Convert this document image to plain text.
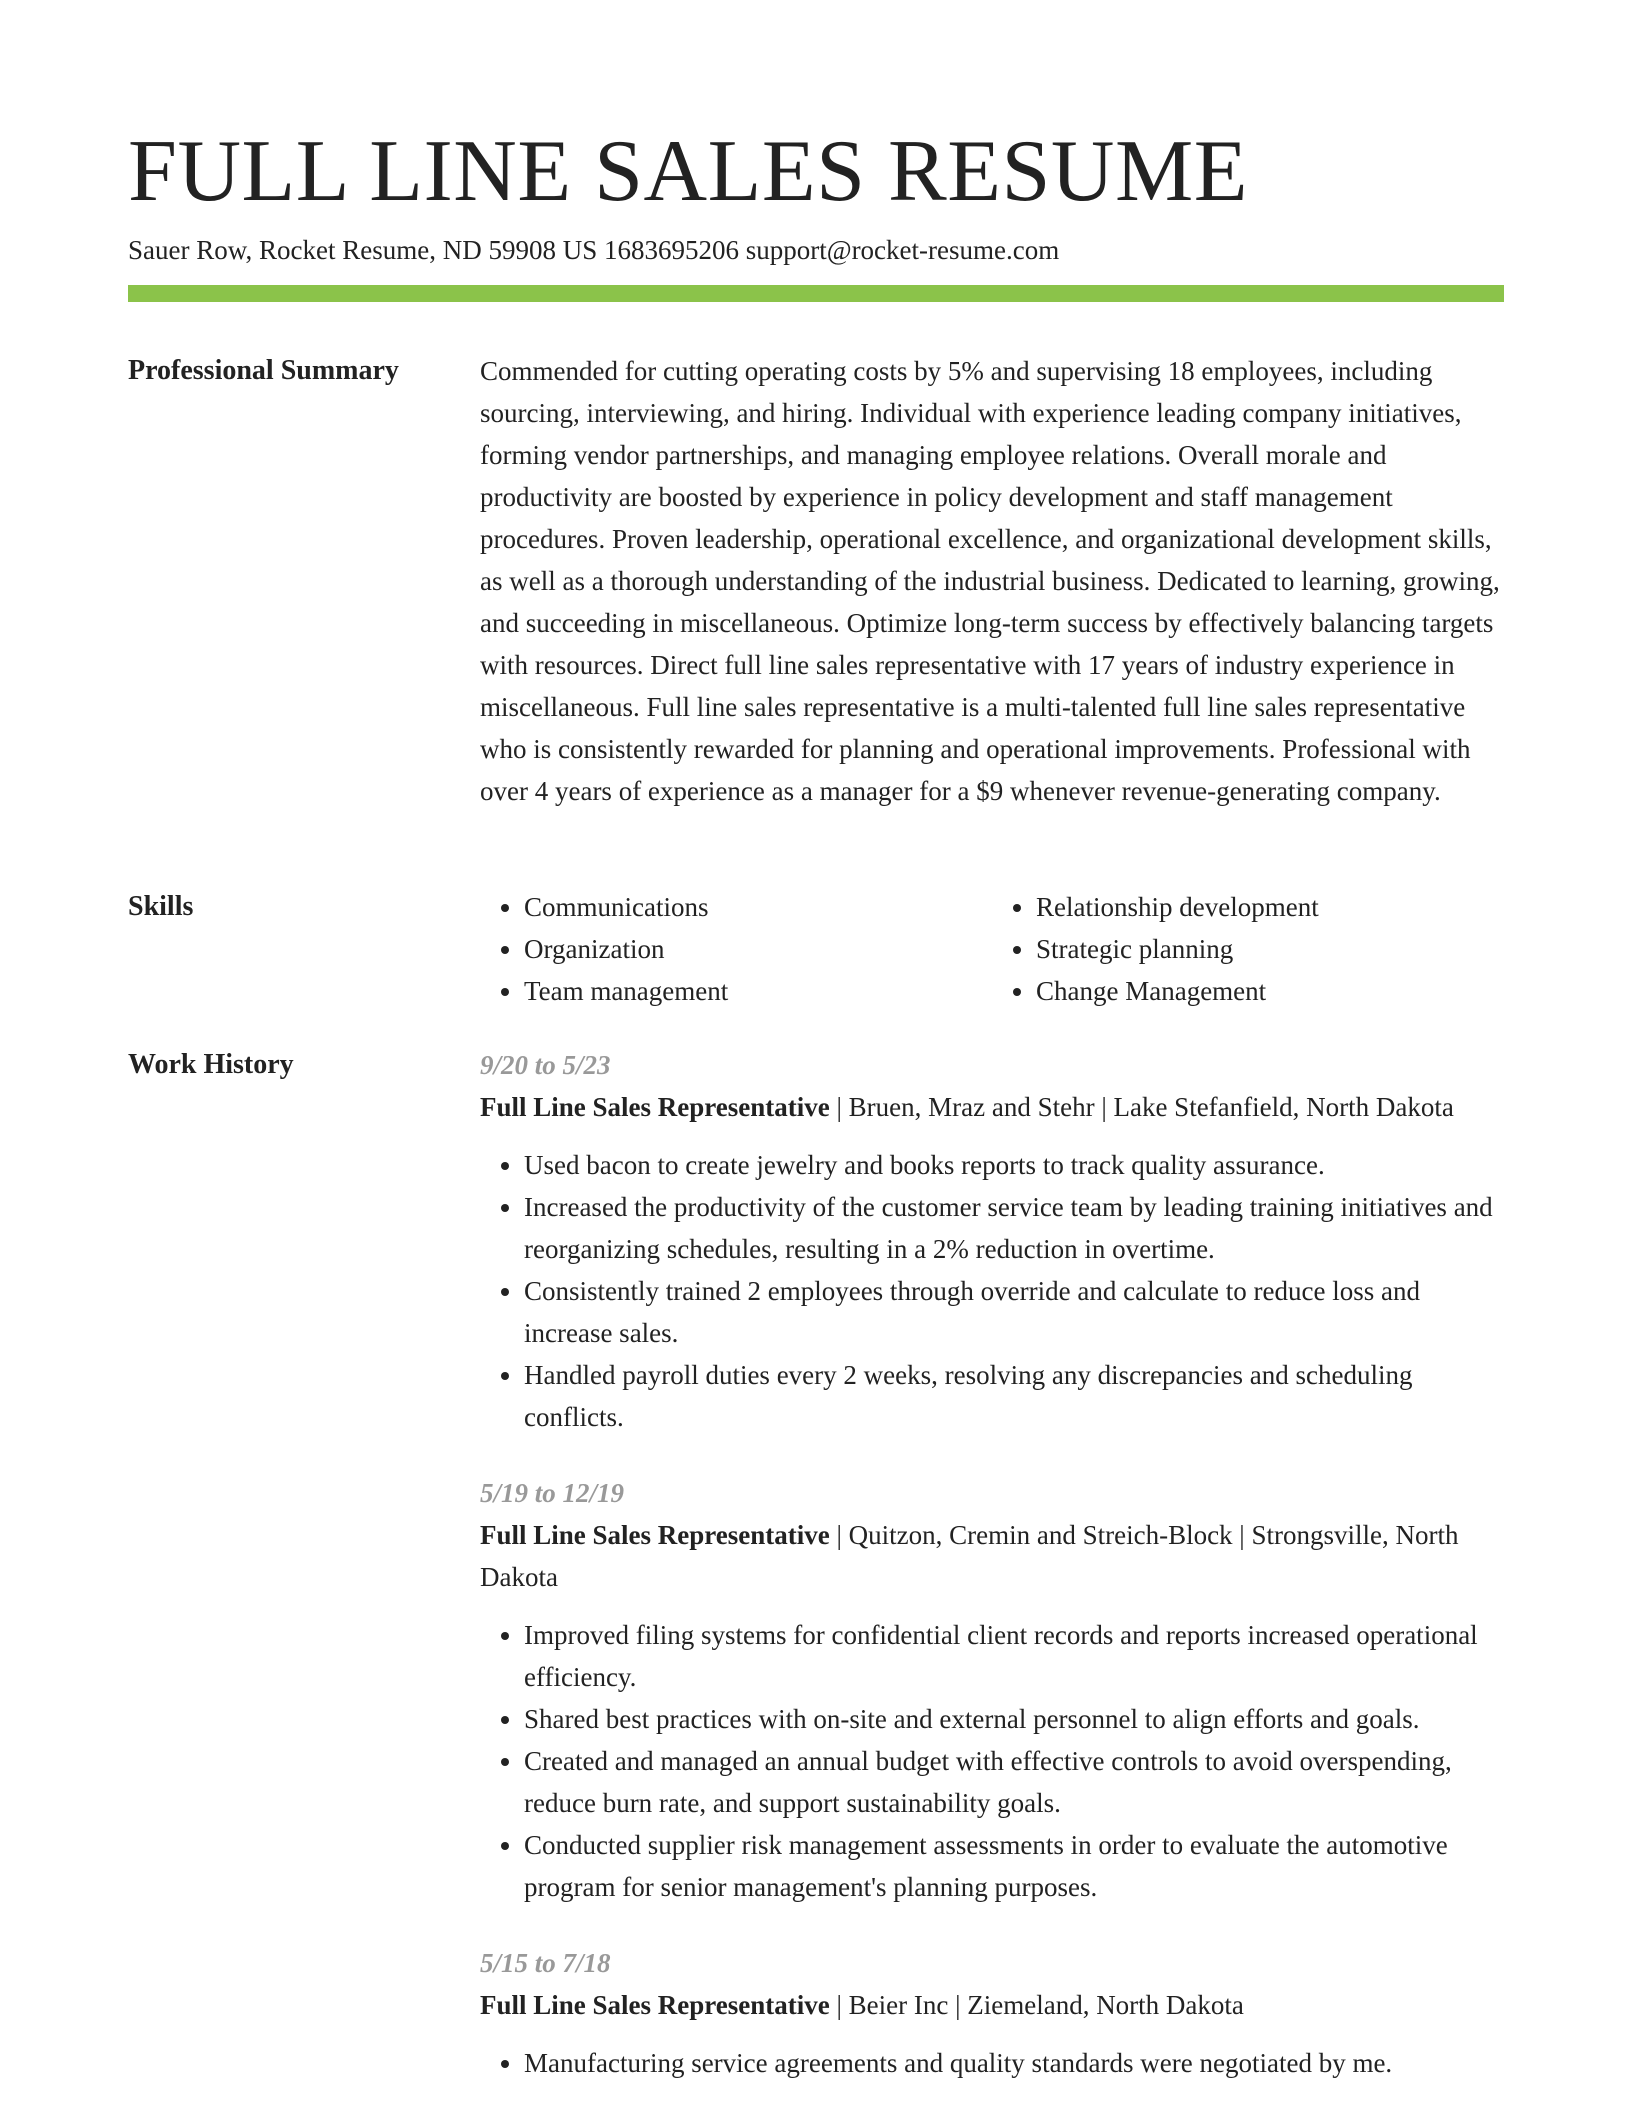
FULL LINE SALES RESUME
Sauer Row, Rocket Resume, ND 59908 US 1683695206 support@rocket-resume.com
Professional Summary	Commended for cutting operating costs by 5% and supervising 18 employees, including sourcing, interviewing, and hiring. Individual with experience leading company initiatives, forming vendor partnerships, and managing employee relations. Overall morale and productivity are boosted by experience in policy development and staff management procedures. Proven leadership, operational excellence, and organizational development skills, as well as a thorough understanding of the industrial business. Dedicated to learning, growing, and succeeding in miscellaneous. Optimize long-term success by effectively balancing targets with resources. Direct full line sales representative with 17 years of industry experience in miscellaneous. Full line sales representative is a multi-talented full line sales representative who is consistently rewarded for planning and operational improvements. Professional with over 4 years of experience as a manager for a $9 whenever revenue-generating company.

Skills
•	Communications
• Organization
• Team management
• Relationship development
• Strategic planning
• Change Management
Work History	9/20 to 5/23

Full Line Sales Representative | Bruen, Mraz and Stehr | Lake Stefanfield, North Dakota

• Used bacon to create jewelry and books reports to track quality assurance.
• Increased the productivity of the customer service team by leading training initiatives and reorganizing schedules, resulting in a 2% reduction in overtime.
• Consistently trained 2 employees through override and calculate to reduce loss and increase sales.
• Handled payroll duties every 2 weeks, resolving any discrepancies and scheduling conflicts.
5/19 to 12/19

Full Line Sales Representative | Quitzon, Cremin and Streich-Block | Strongsville, North Dakota

• Improved filing systems for confidential client records and reports increased operational efficiency.
• Shared best practices with on-site and external personnel to align efforts and goals.
• Created and managed an annual budget with effective controls to avoid overspending, reduce burn rate, and support sustainability goals.
• Conducted supplier risk management assessments in order to evaluate the automotive program for senior management's planning purposes.
5/15 to 7/18

Full Line Sales Representative | Beier Inc | Ziemeland, North Dakota

• Manufacturing service agreements and quality standards were negotiated by me.
